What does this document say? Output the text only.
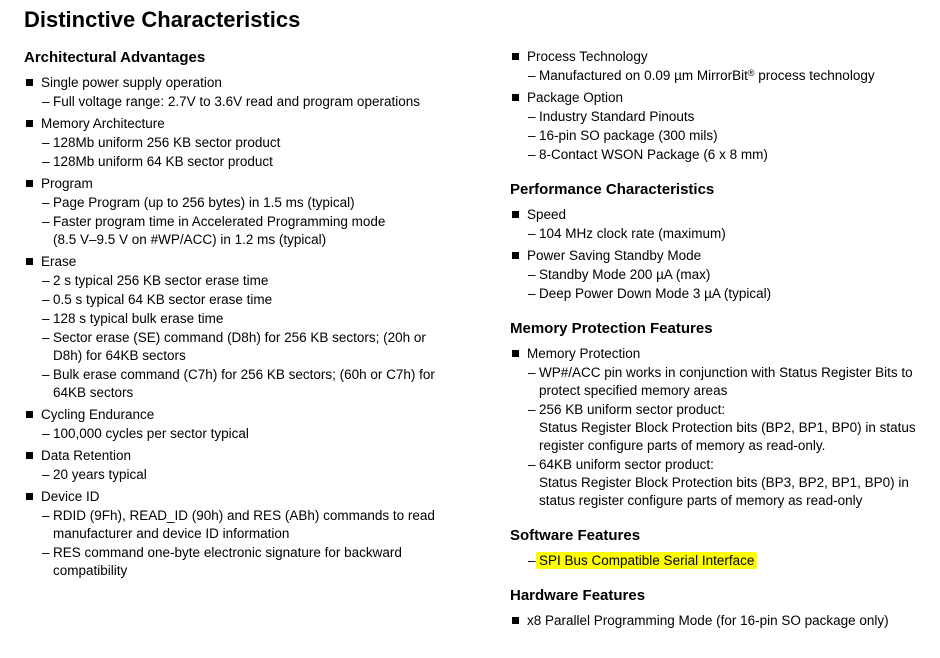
Distinctive Characteristics
Architectural Advantages
Single power supply operation
– Full voltage range: 2.7V to 3.6V read and program operations
Memory Architecture
– 128Mb uniform 256 KB sector product
– 128Mb uniform 64 KB sector product
Program
– Page Program (up to 256 bytes) in 1.5 ms (typical)
– Faster program time in Accelerated Programming mode
(8.5 V–9.5 V on #WP/ACC) in 1.2 ms (typical)
Erase
– 2 s typical 256 KB sector erase time
– 0.5 s typical 64 KB sector erase time
– 128 s typical bulk erase time
– Sector erase (SE) command (D8h) for 256 KB sectors; (20h or
D8h) for 64KB sectors
– Bulk erase command (C7h) for 256 KB sectors; (60h or C7h) for
64KB sectors
Cycling Endurance
– 100,000 cycles per sector typical
Data Retention
– 20 years typical
Device ID
– RDID (9Fh), READ_ID (90h) and RES (ABh) commands to read
manufacturer and device ID information
– RES command one-byte electronic signature for backward
compatibility
Process Technology
– Manufactured on 0.09 µm MirrorBit® process technology
Package Option
– Industry Standard Pinouts
– 16-pin SO package (300 mils)
– 8-Contact WSON Package (6 x 8 mm)
Performance Characteristics
Speed
– 104 MHz clock rate (maximum)
Power Saving Standby Mode
– Standby Mode 200 µA (max)
– Deep Power Down Mode 3 µA (typical)
Memory Protection Features
Memory Protection
– WP#/ACC pin works in conjunction with Status Register Bits to
protect specified memory areas
– 256 KB uniform sector product:
Status Register Block Protection bits (BP2, BP1, BP0) in status
register configure parts of memory as read-only.
– 64KB uniform sector product:
Status Register Block Protection bits (BP3, BP2, BP1, BP0) in
status register configure parts of memory as read-only
Software Features
– SPI Bus Compatible Serial Interface
Hardware Features
x8 Parallel Programming Mode (for 16-pin SO package only)
